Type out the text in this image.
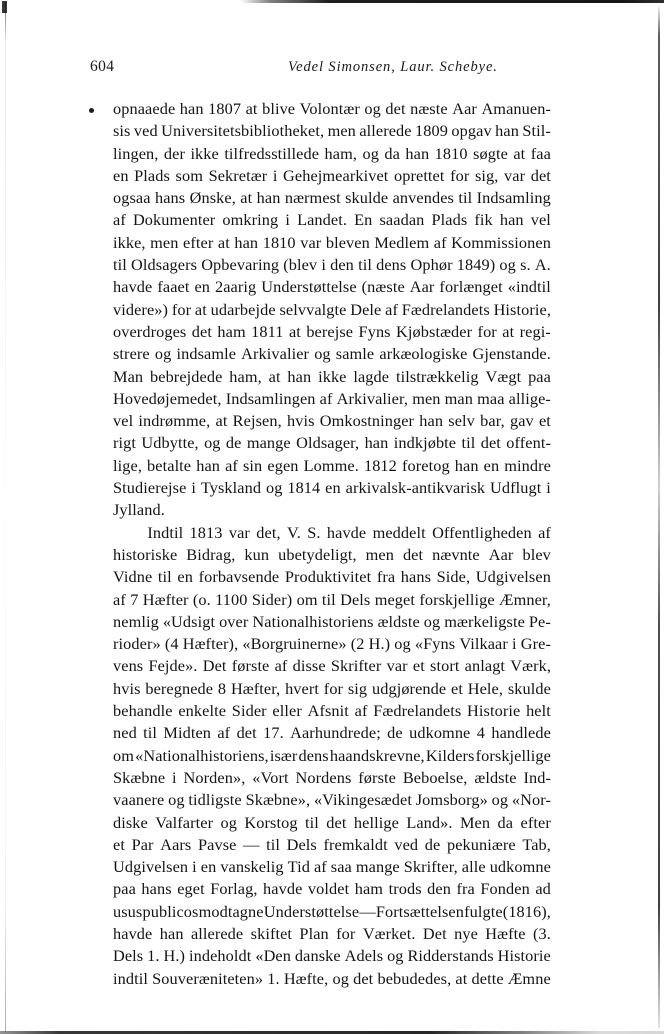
604	Vedel Simonsen, Laur. Schebye.
opnaaede han 1807 at blive Volontær og det næste Aar Amanuen-
sis ved Universitetsbibliotheket, men allerede 1809 opgav han Stil-
lingen, der ikke tilfredsstillede ham, og da han 1810 søgte at faa
en Plads som Sekretær i Gehejmearkivet oprettet for sig, var det
ogsaa hans Ønske, at han nærmest skulde anvendes til Indsamling
af Dokumenter omkring i Landet. En saadan Plads fik han vel
ikke, men efter at han 1810 var bleven Medlem af Kommissionen
til Oldsagers Opbevaring (blev i den til dens Ophør 1849) og s. A.
havde faaet en 2aarig Understøttelse (næste Aar forlænget «indtil
videre») for at udarbejde selvvalgte Dele af Fædrelandets Historie,
overdroges det ham 1811 at berejse Fyns Kjøbstæder for at regi-
strere og indsamle Arkivalier og samle arkæologiske Gjenstande.
Man bebrejdede ham, at han ikke lagde tilstrækkelig Vægt paa
Hovedøjemedet, Indsamlingen af Arkivalier, men man maa allige-
vel indrømme, at Rejsen, hvis Omkostninger han selv bar, gav et
rigt Udbytte, og de mange Oldsager, han indkjøbte til det offent-
lige, betalte han af sin egen Lomme. 1812 foretog han en mindre
Studierejse i Tyskland og 1814 en arkivalsk-antikvarisk Udflugt i
Jylland.
Indtil 1813 var det, V. S. havde meddelt Offentligheden af
historiske Bidrag, kun ubetydeligt, men det nævnte Aar blev
Vidne til en forbavsende Produktivitet fra hans Side, Udgivelsen
af 7 Hæfter (o. 1100 Sider) om til Dels meget forskjellige Æmner,
nemlig «Udsigt over Nationalhistoriens ældste og mærkeligste Pe-
rioder» (4 Hæfter), «Borgruinerne» (2 H.) og «Fyns Vilkaar i Gre-
vens Fejde». Det første af disse Skrifter var et stort anlagt Værk,
hvis beregnede 8 Hæfter, hvert for sig udgjørende et Hele, skulde
behandle enkelte Sider eller Afsnit af Fædrelandets Historie helt
ned til Midten af det 17. Aarhundrede; de udkomne 4 handlede
om «Nationalhistoriens, især dens haandskrevne, Kilders forskjellige
Skæbne i Norden», «Vort Nordens første Beboelse, ældste Ind-
vaanere og tidligste Skæbne», «Vikingesædet Jomsborg» og «Nor-
diske Valfarter og Korstog til det hellige Land». Men da efter
et Par Aars Pavse — til Dels fremkaldt ved de pekuniære Tab,
Udgivelsen i en vanskelig Tid af saa mange Skrifter, alle udkomne
paa hans eget Forlag, havde voldet ham trods den fra Fonden ad
usus publicos modtagne Understøttelse — Fortsættelsen fulgte (1816),
havde han allerede skiftet Plan for Værket. Det nye Hæfte (3.
Dels 1. H.) indeholdt «Den danske Adels og Ridderstands Historie
indtil Souveræniteten» 1. Hæfte, og det bebudedes, at dette Æmne
